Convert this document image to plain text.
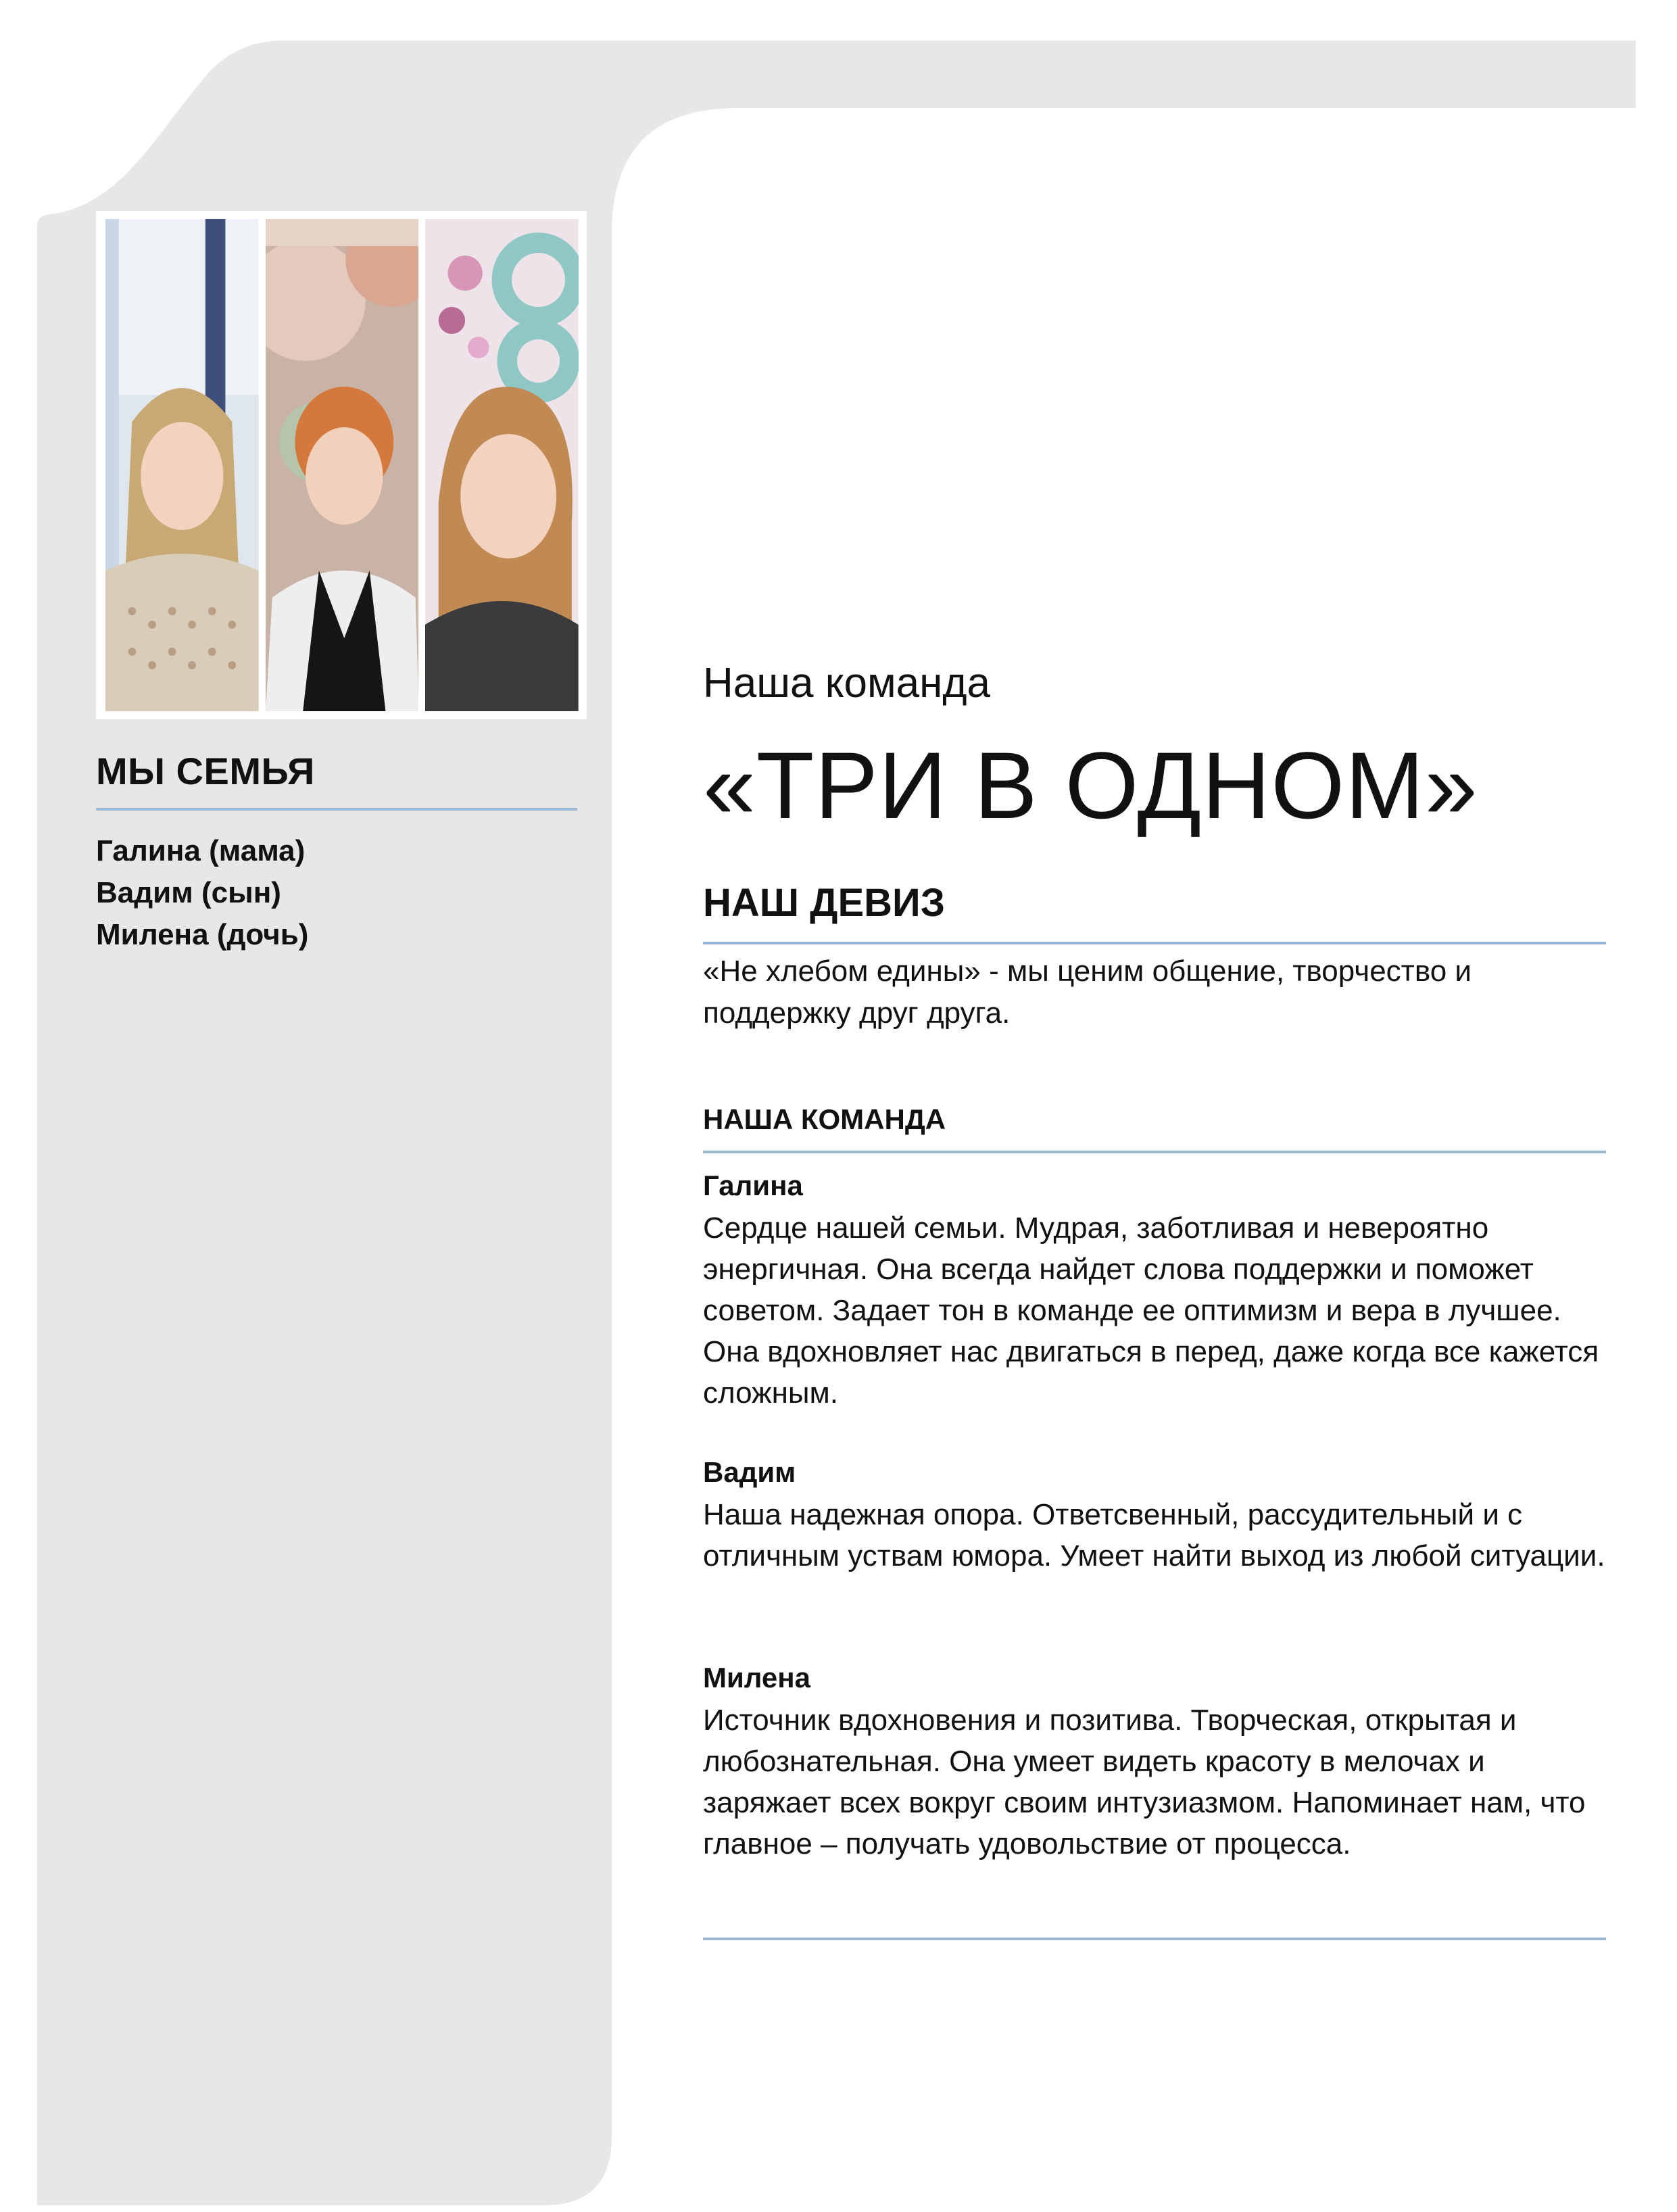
МЫ СЕМЬЯ
Галина (мама)
Вадим (сын)
Милена (дочь)
Наша команда
«ТРИ В ОДНОМ»
НАШ ДЕВИЗ
«Не хлебом едины» - мы ценим общение, творчество и поддержку друг друга.
НАША КОМАНДА
Галина
Сердце нашей семьи. Мудрая, заботливая и невероятно энергичная. Она всегда найдет слова поддержки и поможет советом. Задает тон в команде ее оптимизм и вера в лучшее. Она вдохновляет нас двигаться в перед, даже когда все кажется сложным.
Вадим
Наша надежная опора. Ответсвенный, рассудительный и с отличным уствам юмора. Умеет найти выход из любой ситуации.
Милена
Источник вдохновения и позитива. Творческая, открытая и любознательная. Она умеет видеть красоту в мелочах и заряжает всех вокруг своим интузиазмом. Напоминает нам, что главное – получать удовольствие от процесса.
